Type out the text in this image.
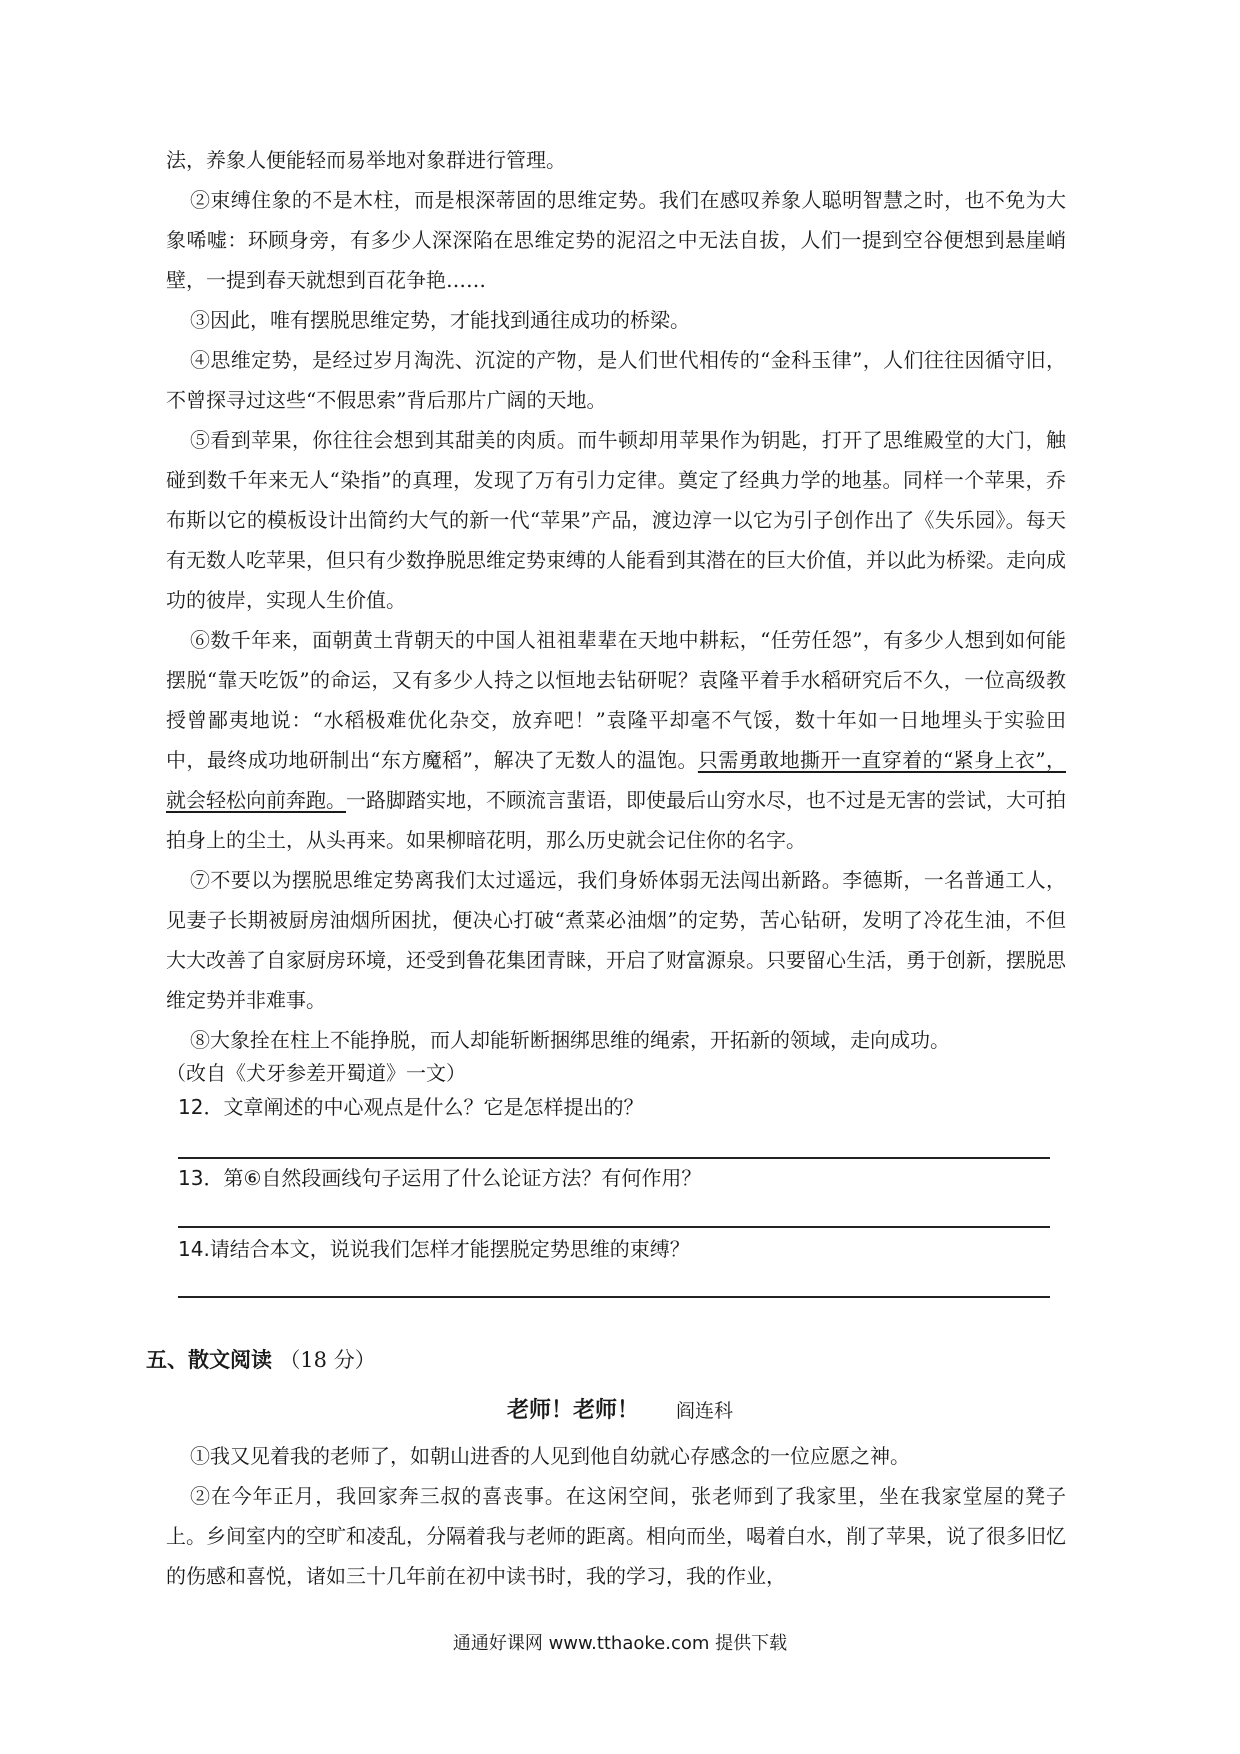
法，养象人便能轻而易举地对象群进行管理。
②束缚住象的不是木柱，而是根深蒂固的思维定势。我们在感叹养象人聪明智慧之时，也不免为大象唏嘘：环顾身旁，有多少人深深陷在思维定势的泥沼之中无法自拔，人们一提到空谷便想到悬崖峭壁，一提到春天就想到百花争艳……
③因此，唯有摆脱思维定势，才能找到通往成功的桥梁。
④思维定势，是经过岁月淘洗、沉淀的产物，是人们世代相传的“金科玉律”，人们往往因循守旧，不曾探寻过这些“不假思索”背后那片广阔的天地。
⑤看到苹果，你往往会想到其甜美的肉质。而牛顿却用苹果作为钥匙，打开了思维殿堂的大门，触碰到数千年来无人“染指”的真理，发现了万有引力定律。奠定了经典力学的地基。同样一个苹果，乔布斯以它的模板设计出简约大气的新一代“苹果”产品，渡边淳一以它为引子创作出了《失乐园》。每天有无数人吃苹果，但只有少数挣脱思维定势束缚的人能看到其潜在的巨大价值，并以此为桥梁。走向成功的彼岸，实现人生价值。
⑥数千年来，面朝黄土背朝天的中国人祖祖辈辈在天地中耕耘，“任劳任怨”，有多少人想到如何能摆脱“靠天吃饭”的命运，又有多少人持之以恒地去钻研呢？袁隆平着手水稻研究后不久，一位高级教授曾鄙夷地说：“水稻极难优化杂交，放弃吧！”袁隆平却毫不气馁，数十年如一日地埋头于实验田中，最终成功地研制出“东方魔稻”，解决了无数人的温饱。只需勇敢地撕开一直穿着的“紧身上衣”，就会轻松向前奔跑。一路脚踏实地，不顾流言蜚语，即使最后山穷水尽，也不过是无害的尝试，大可拍拍身上的尘土，从头再来。如果柳暗花明，那么历史就会记住你的名字。
⑦不要以为摆脱思维定势离我们太过遥远，我们身娇体弱无法闯出新路。李德斯，一名普通工人，见妻子长期被厨房油烟所困扰，便决心打破“煮菜必油烟”的定势，苦心钻研，发明了冷花生油，不但大大改善了自家厨房环境，还受到鲁花集团青睐，开启了财富源泉。只要留心生活，勇于创新，摆脱思维定势并非难事。
⑧大象拴在柱上不能挣脱，而人却能斩断捆绑思维的绳索，开拓新的领域，走向成功。
（改自《犬牙参差开蜀道》一文）
12．文章阐述的中心观点是什么？它是怎样提出的？
13．第⑥自然段画线句子运用了什么论证方法？有何作用？
14.请结合本文，说说我们怎样才能摆脱定势思维的束缚？
五、散文阅读 （18 分）
老师！老师！ 阎连科
①我又见着我的老师了，如朝山进香的人见到他自幼就心存感念的一位应愿之神。
②在今年正月，我回家奔三叔的喜丧事。在这闲空间，张老师到了我家里，坐在我家堂屋的凳子上。乡间室内的空旷和凌乱，分隔着我与老师的距离。相向而坐，喝着白水，削了苹果，说了很多旧忆的伤感和喜悦，诸如三十几年前在初中读书时，我的学习，我的作业，
通通好课网 www.tthaoke.com 提供下载
